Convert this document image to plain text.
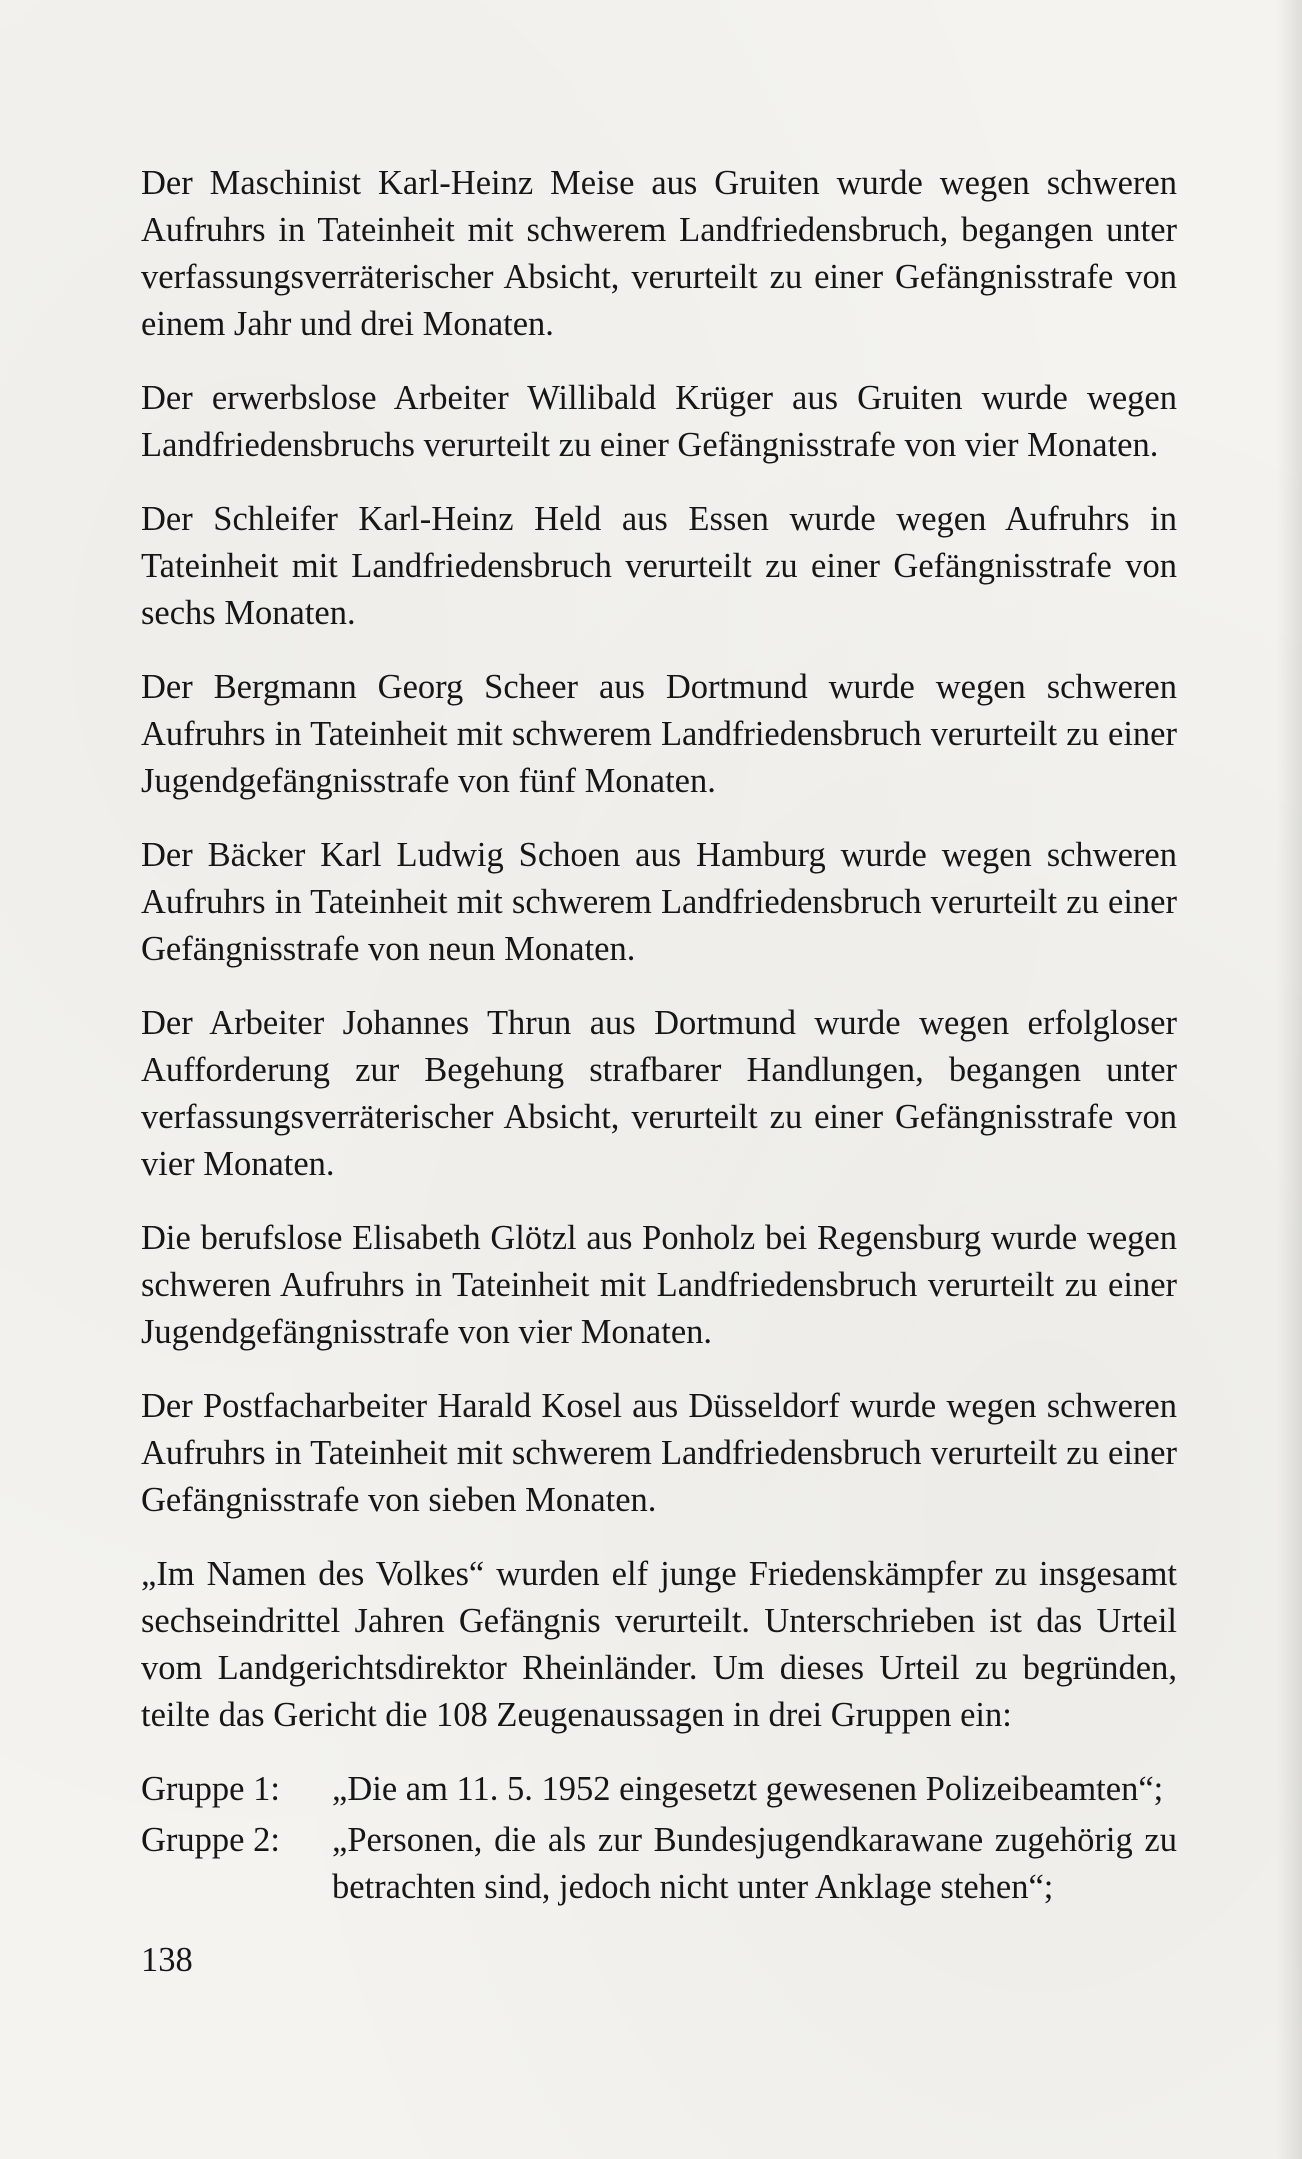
Der Maschinist Karl-Heinz Meise aus Gruiten wurde wegen schweren Aufruhrs in Tateinheit mit schwerem Landfriedensbruch, begangen unter verfassungsverräterischer Absicht, verurteilt zu einer Gefängnisstrafe von einem Jahr und drei Monaten.

Der erwerbslose Arbeiter Willibald Krüger aus Gruiten wurde wegen Landfriedensbruchs verurteilt zu einer Gefängnisstrafe von vier Monaten.

Der Schleifer Karl-Heinz Held aus Essen wurde wegen Aufruhrs in Tateinheit mit Landfriedensbruch verurteilt zu einer Gefängnisstrafe von sechs Monaten.

Der Bergmann Georg Scheer aus Dortmund wurde wegen schweren Aufruhrs in Tateinheit mit schwerem Landfriedensbruch verurteilt zu einer Jugendgefängnisstrafe von fünf Monaten.

Der Bäcker Karl Ludwig Schoen aus Hamburg wurde wegen schweren Aufruhrs in Tateinheit mit schwerem Landfriedensbruch verurteilt zu einer Gefängnisstrafe von neun Monaten.

Der Arbeiter Johannes Thrun aus Dortmund wurde wegen erfolgloser Aufforderung zur Begehung strafbarer Handlungen, begangen unter verfassungsverräterischer Absicht, verurteilt zu einer Gefängnisstrafe von vier Monaten.

Die berufslose Elisabeth Glötzl aus Ponholz bei Regensburg wurde wegen schweren Aufruhrs in Tateinheit mit Landfriedensbruch verurteilt zu einer Jugendgefängnisstrafe von vier Monaten.

Der Postfacharbeiter Harald Kosel aus Düsseldorf wurde wegen schweren Aufruhrs in Tateinheit mit schwerem Landfriedensbruch verurteilt zu einer Gefängnisstrafe von sieben Monaten.

„Im Namen des Volkes“ wurden elf junge Friedenskämpfer zu insgesamt sechseindrittel Jahren Gefängnis verurteilt. Unterschrieben ist das Urteil vom Landgerichtsdirektor Rheinländer. Um dieses Urteil zu begründen, teilte das Gericht die 108 Zeugenaussagen in drei Gruppen ein:

Gruppe 1:	„Die am 11. 5. 1952 eingesetzt gewesenen Polizeibeamten“;
Gruppe 2:	„Personen, die als zur Bundesjugendkarawane zugehörig zu betrachten sind, jedoch nicht unter Anklage stehen“;
138
